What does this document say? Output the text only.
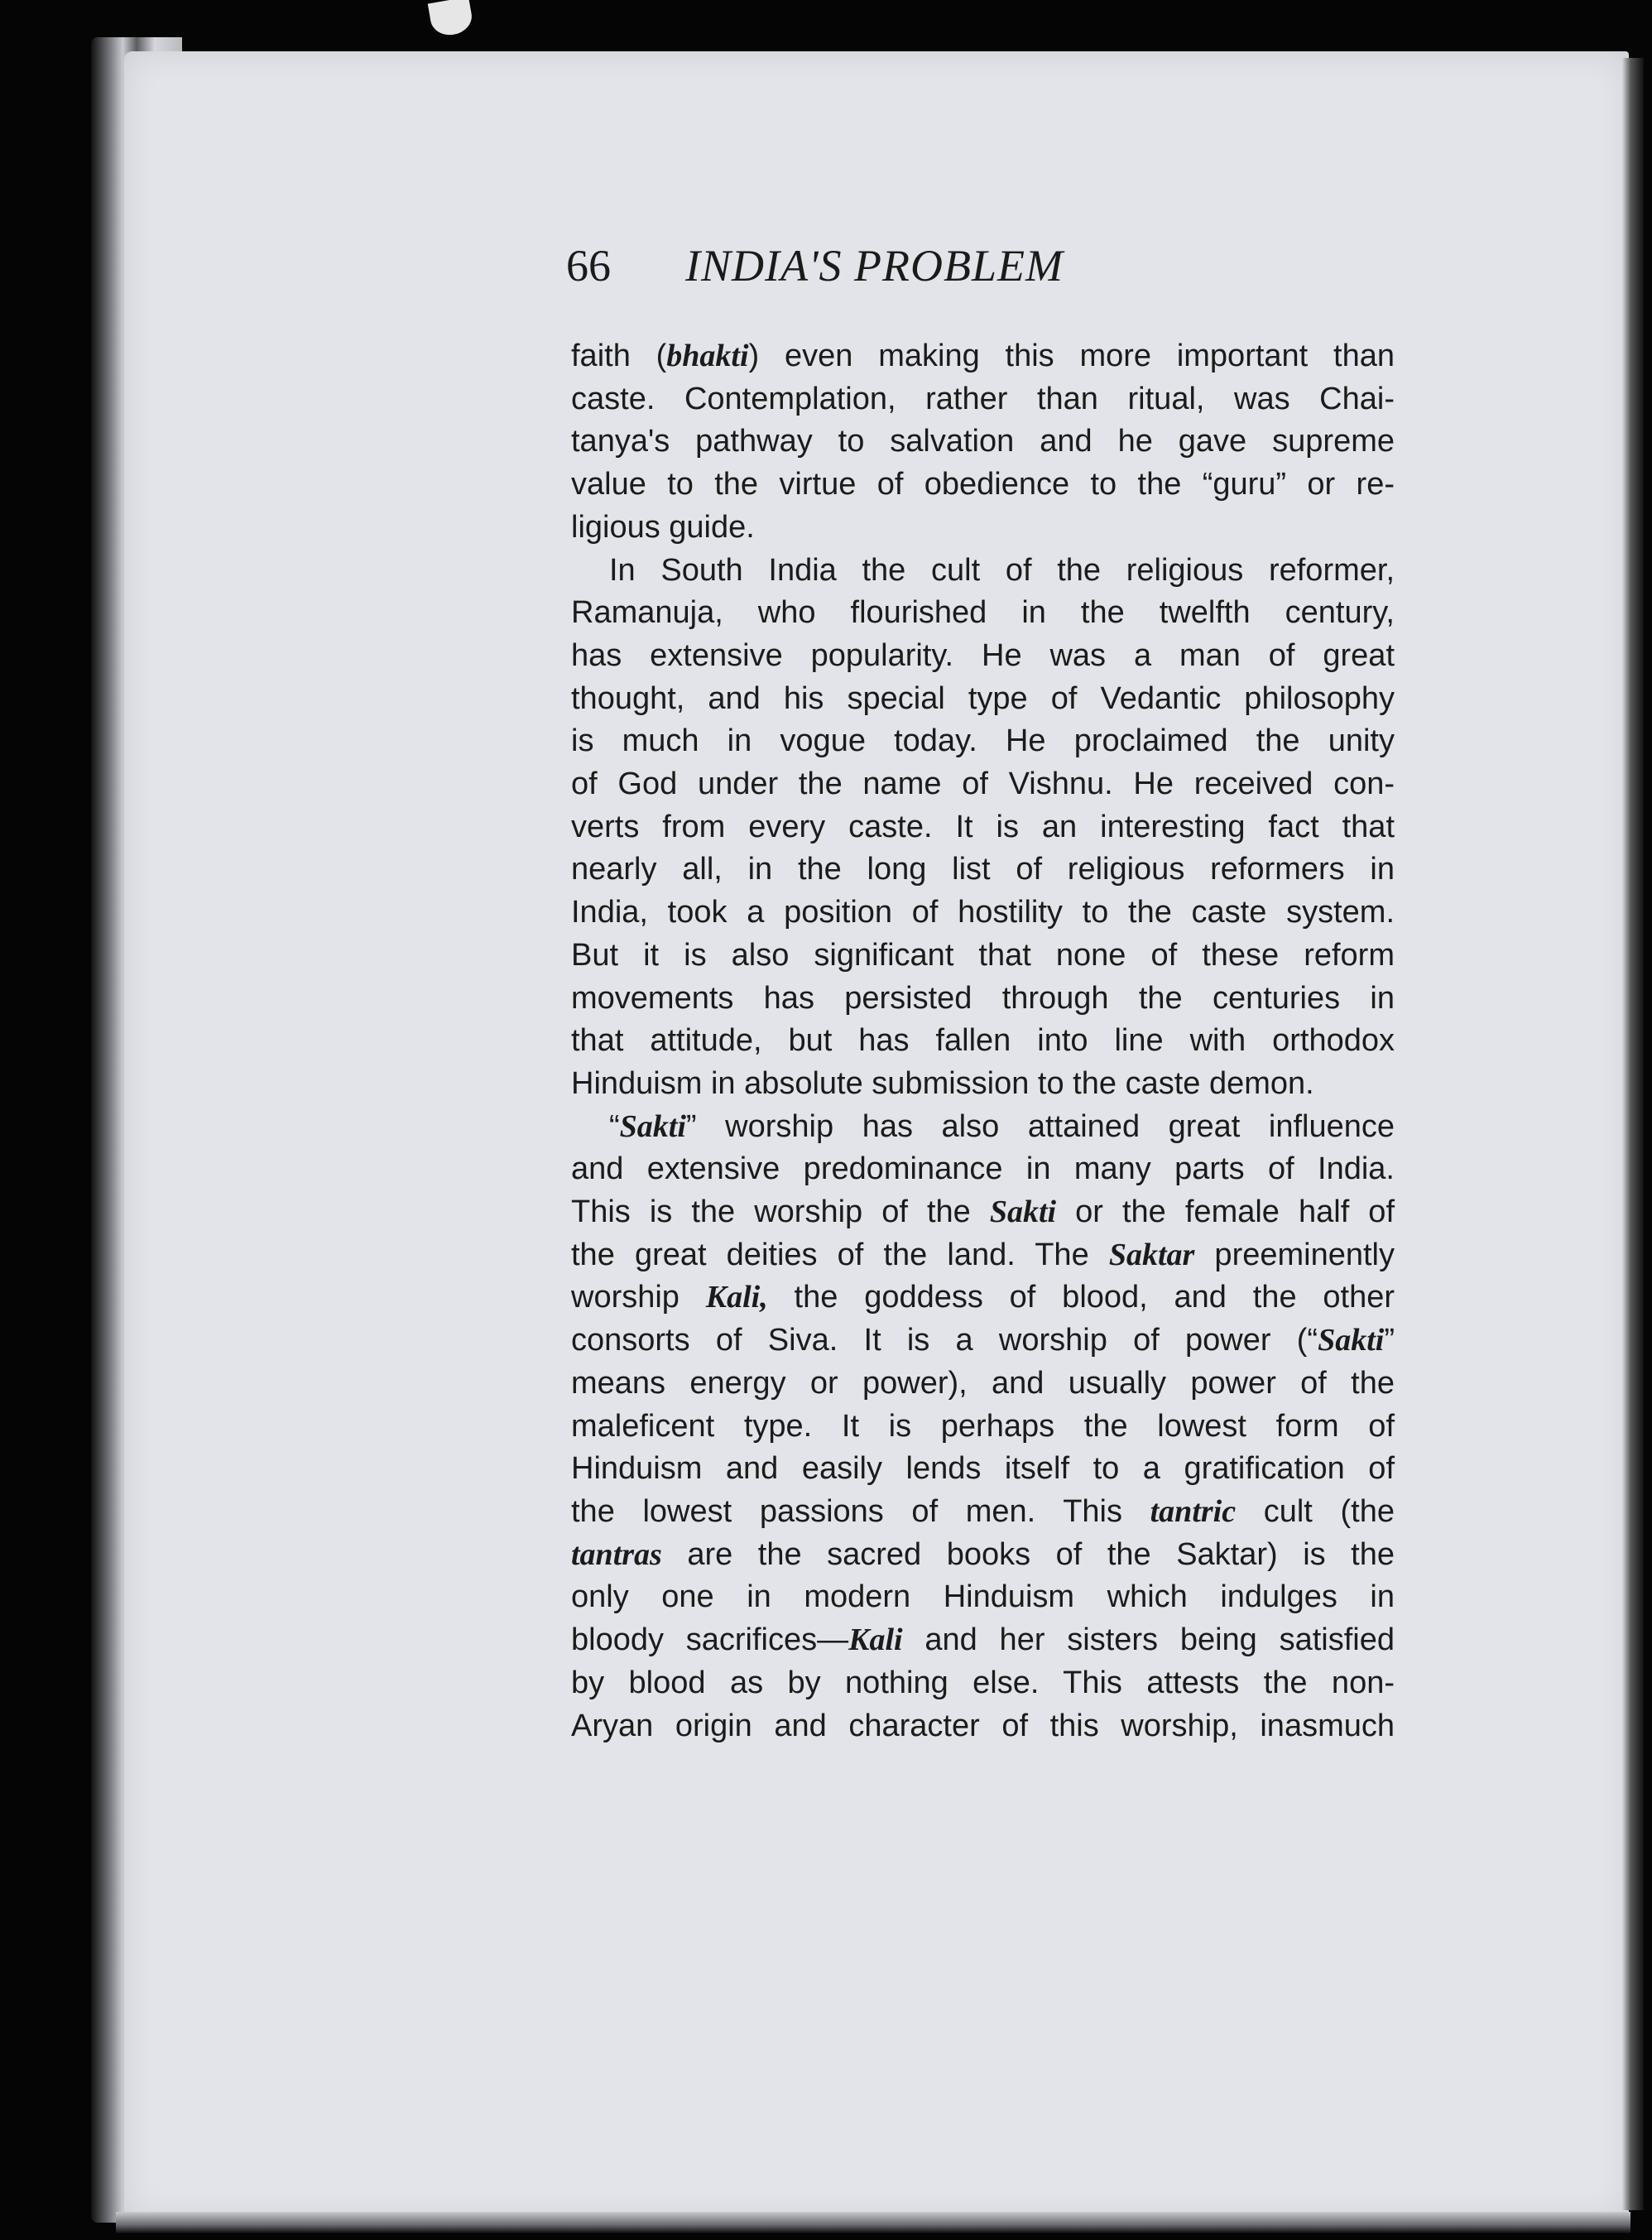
66 INDIA'S PROBLEM
faith (bhakti) even making this more important than
caste. Contemplation, rather than ritual, was Chai-
tanya's pathway to salvation and he gave supreme
value to the virtue of obedience to the “guru” or re-
ligious guide.
In South India the cult of the religious reformer,
Ramanuja, who flourished in the twelfth century,
has extensive popularity. He was a man of great
thought, and his special type of Vedantic philosophy
is much in vogue today. He proclaimed the unity
of God under the name of Vishnu. He received con-
verts from every caste. It is an interesting fact that
nearly all, in the long list of religious reformers in
India, took a position of hostility to the caste system.
But it is also significant that none of these reform
movements has persisted through the centuries in
that attitude, but has fallen into line with orthodox
Hinduism in absolute submission to the caste demon.
“Sakti” worship has also attained great influence
and extensive predominance in many parts of India.
This is the worship of the Sakti or the female half of
the great deities of the land. The Saktar preeminently
worship Kali, the goddess of blood, and the other
consorts of Siva. It is a worship of power (“Sakti”
means energy or power), and usually power of the
maleficent type. It is perhaps the lowest form of
Hinduism and easily lends itself to a gratification of
the lowest passions of men. This tantric cult (the
tantras are the sacred books of the Saktar) is the
only one in modern Hinduism which indulges in
bloody sacrifices—Kali and her sisters being satisfied
by blood as by nothing else. This attests the non-
Aryan origin and character of this worship, inasmuch
